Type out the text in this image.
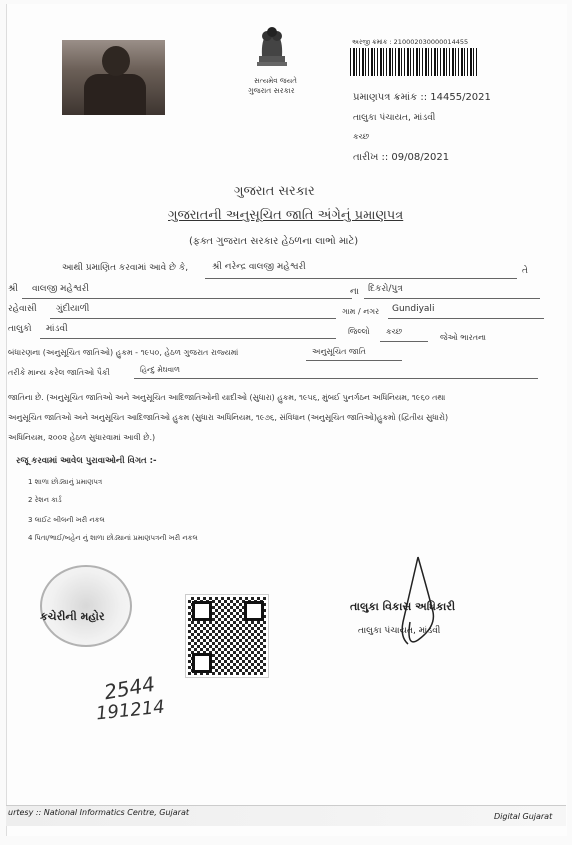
સત્યમેવ જયતે
ગુજરાત સરકાર
અરજી ક્રમાંક : 210002030000014455
પ્રમાણપત્ર ક્રમાંક :: 14455/2021
તાલુકા પંચાયત, માંડવી
કચ્છ
તારીખ :: 09/08/2021
ગુજરાત સરકાર
ગુજરાતની અનુસૂચિત જાતિ અંગેનું પ્રમાણપત્ર
(ફક્ત ગુજરાત સરકાર હેઠળના લાભો માટે)
આથી પ્રમાણિત કરવામાં આવે છે કે,	શ્રી નરેન્દ્ર વાલજી મહેશ્વરી	તે
શ્રી વાલજી મહેશ્વરી	ના દિકરો/પુત્ર
રહેવાસી ગુંદીયાળી	ગામ / નગર Gundiyali
તાલુકો માંડવી	જિલ્લો કચ્છ
જેઓ ભારતના
બંધારણના (અનુસૂચિત જાતિઓ) હુકમ - ૧૯૫૦, હેઠળ ગુજરાત રાજ્યમાં	અનુસૂચિત જાતિ
તરીકે માન્ય કરેલ જાતિઓ પૈકી	હિન્દુ મેઘવાળ
જાતિના છે. (અનુસૂચિત જાતિઓ અને અનુસૂચિત આદિજાતિઓની યાદીઓ (સુધારા) હુકમ, ૧૯૫૬, મુંબઈ પુનર્ગઠન અધિનિયમ, ૧૯૬૦ તથા
અનુસૂચિત જાતિઓ અને અનુસૂચિત આદિજાતિઓ હુકમ (સુધારા અધિનિયમ, ૧૯૭૬, સંવિધાન (અનુસૂચિત જાતિઓ)હુકમો (દ્વિતીય સુધારો)
અધિનિયમ, ૨૦૦૨ હેઠળ સુધારવામાં આવી છે.)
રજૂ કરવામાં આવેલ પુરાવાઓની વિગત :-
1 શાળા છોડ્યાનું પ્રમાણપત્ર
2 રેશન કાર્ડ
3 લાઈટ બીલની ખરી નકલ
4 પિતા/ભાઈ/બહેન નું શાળા છોડ્યાનાં પ્રમાણપત્રની ખરી નકલ
કચેરીની મહોર
તાલુકા વિકાસ અધિકારી
તાલુકા પંચાયત, માંડવી
2544
191214
urtesy :: National Informatics Centre, Gujarat	Digital Gujarat
